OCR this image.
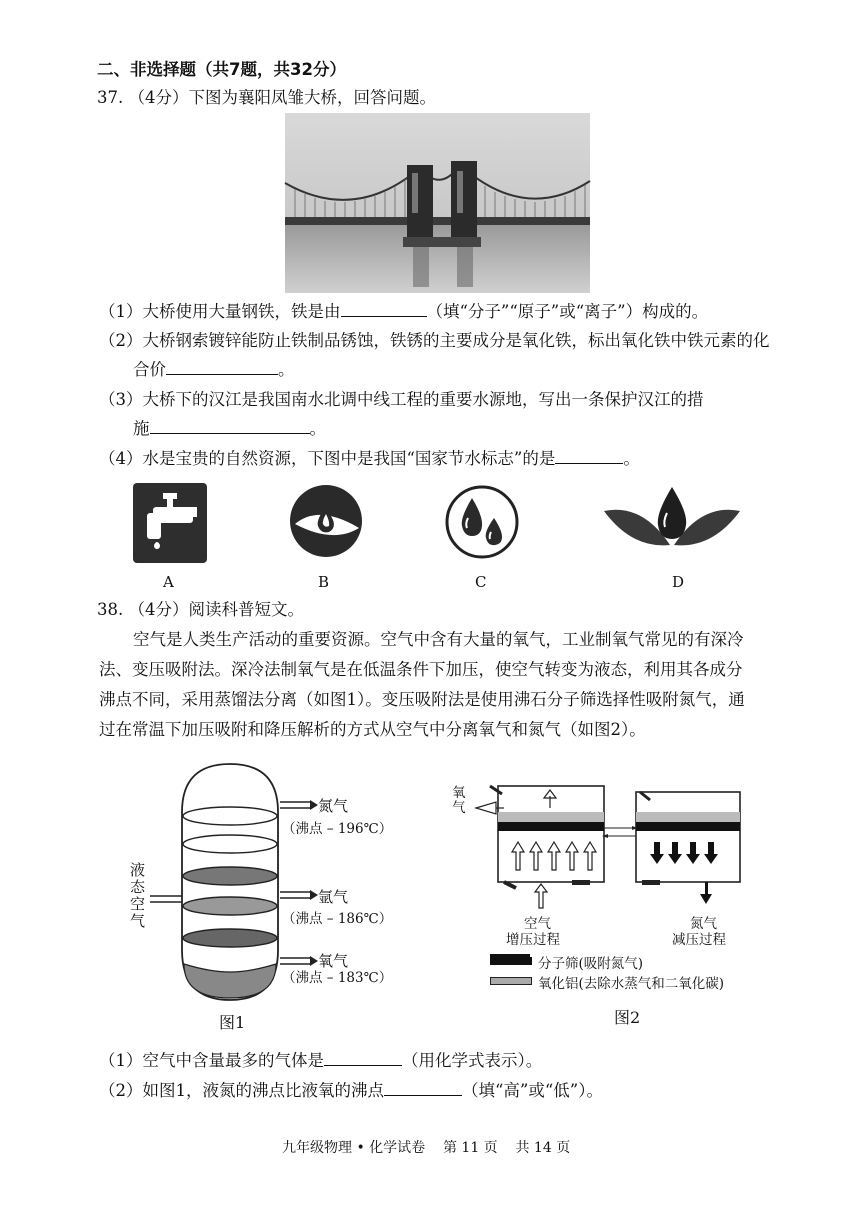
二、非选择题（共7题，共32分）
37. （4分）下图为襄阳凤雏大桥，回答问题。
（1）大桥使用大量钢铁，铁是由	（填“分子”“原子”或“离子”）构成的。
（2）大桥钢索镀锌能防止铁制品锈蚀，铁锈的主要成分是氧化铁，标出氧化铁中铁元素的化
合价	。
（3）大桥下的汉江是我国南水北调中线工程的重要水源地，写出一条保护汉江的措
施	。
（4）水是宝贵的自然资源，下图中是我国“国家节水标志”的是	。
A	B	C	D
38. （4分）阅读科普短文。
空气是人类生产活动的重要资源。空气中含有大量的氧气，工业制氧气常见的有深冷
法、变压吸附法。深冷法制氧气是在低温条件下加压，使空气转变为液态，利用其各成分
沸点不同，采用蒸馏法分离（如图1）。变压吸附法是使用沸石分子筛选择性吸附氮气，通
过在常温下加压吸附和降压解析的方式从空气中分离氧气和氮气（如图2）。
氮气
（沸点 – 196℃）
液态空气
氩气
（沸点 – 186℃）
氧气
（沸点 – 183℃）
图1
氧气
空气
增压过程
氮气
减压过程
分子筛(吸附氮气)
氧化铝(去除水蒸气和二氧化碳)
图2
（1）空气中含量最多的气体是	（用化学式表示）。
（2）如图1，液氮的沸点比液氧的沸点	（填“高”或“低”）。
九年级物理 • 化学试卷    第 11 页    共 14 页
